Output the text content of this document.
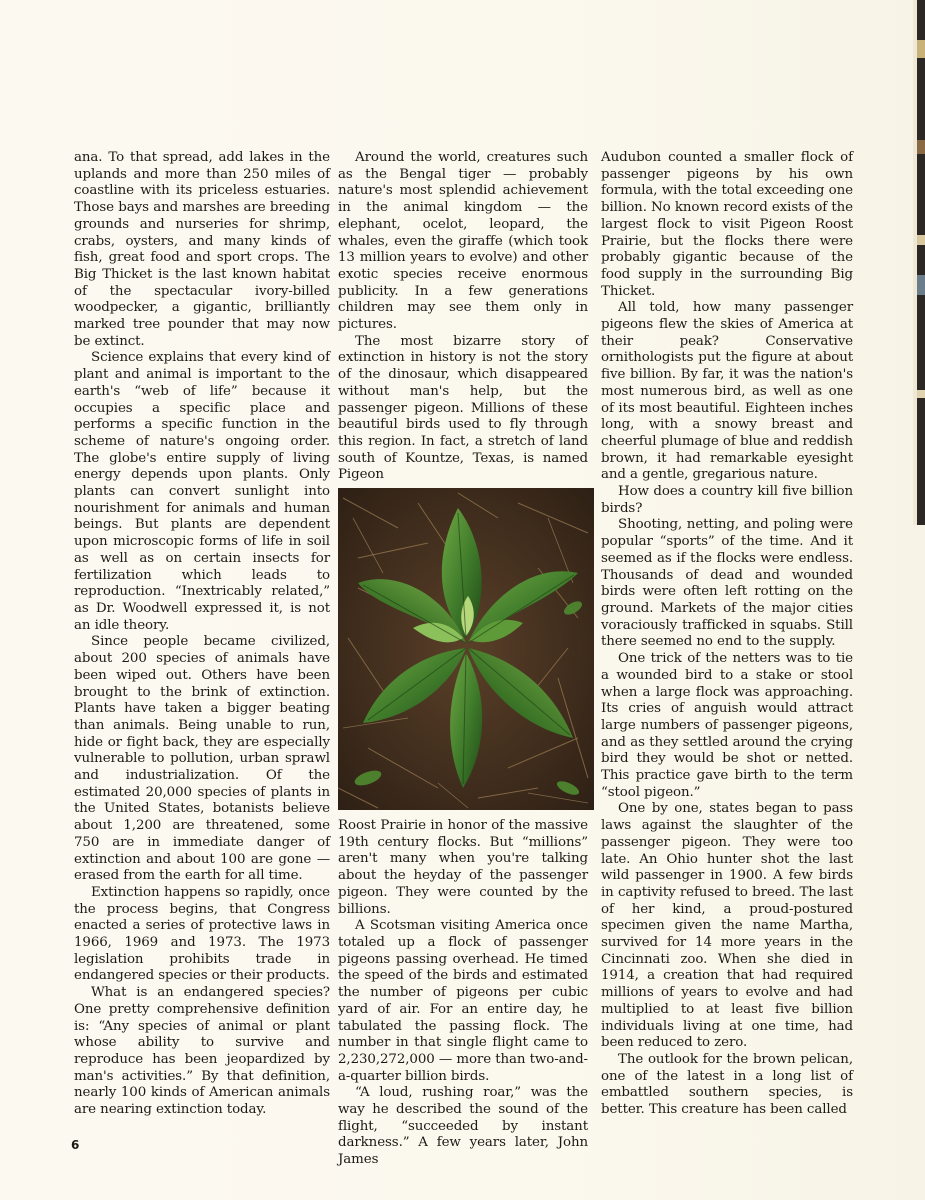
ana. To that spread, add lakes in the uplands and more than 250 miles of coastline with its priceless estuaries. Those bays and marshes are breeding grounds and nurseries for shrimp, crabs, oysters, and many kinds of fish, great food and sport crops. The Big Thicket is the last known habitat of the spectacular ivory-billed woodpecker, a gigantic, brilliantly marked tree pounder that may now be extinct.

Science explains that every kind of plant and animal is important to the earth's “web of life” because it occupies a specific place and performs a specific function in the scheme of nature's ongoing order. The globe's entire supply of living energy depends upon plants. Only plants can convert sunlight into nourishment for animals and human beings. But plants are dependent upon microscopic forms of life in soil as well as on certain insects for fertilization which leads to reproduction. “Inextricably related,” as Dr. Woodwell expressed it, is not an idle theory.

Since people became civilized, about 200 species of animals have been wiped out. Others have been brought to the brink of extinction. Plants have taken a bigger beating than animals. Being unable to run, hide or fight back, they are especially vulnerable to pollution, urban sprawl and industrialization. Of the estimated 20,000 species of plants in the United States, botanists believe about 1,200 are threatened, some 750 are in immediate danger of extinction and about 100 are gone — erased from the earth for all time.

Extinction happens so rapidly, once the process begins, that Congress enacted a series of protective laws in 1966, 1969 and 1973. The 1973 legislation prohibits trade in endangered species or their products.

What is an endangered species? One pretty comprehensive definition is: “Any species of animal or plant whose ability to survive and reproduce has been jeopardized by man's activities.” By that definition, nearly 100 kinds of American animals are nearing extinction today.

Around the world, creatures such as the Bengal tiger — probably nature's most splendid achievement in the animal kingdom — the elephant, ocelot, leopard, the whales, even the giraffe (which took 13 million years to evolve) and other exotic species receive enormous publicity. In a few generations children may see them only in pictures.

The most bizarre story of extinction in history is not the story of the dinosaur, which disappeared without man's help, but the passenger pigeon. Millions of these beautiful birds used to fly through this region. In fact, a stretch of land south of Kountze, Texas, is named Pigeon

Roost Prairie in honor of the massive 19th century flocks. But “millions” aren't many when you're talking about the heyday of the passenger pigeon. They were counted by the billions.

A Scotsman visiting America once totaled up a flock of passenger pigeons passing overhead. He timed the speed of the birds and estimated the number of pigeons per cubic yard of air. For an entire day, he tabulated the passing flock. The number in that single flight came to 2,230,272,000 — more than two-and-a-quarter billion birds.

“A loud, rushing roar,” was the way he described the sound of the flight, “succeeded by instant darkness.” A few years later, John James

Audubon counted a smaller flock of passenger pigeons by his own formula, with the total exceeding one billion. No known record exists of the largest flock to visit Pigeon Roost Prairie, but the flocks there were probably gigantic because of the food supply in the surrounding Big Thicket.

All told, how many passenger pigeons flew the skies of America at their peak? Conservative ornithologists put the figure at about five billion. By far, it was the nation's most numerous bird, as well as one of its most beautiful. Eighteen inches long, with a snowy breast and cheerful plumage of blue and reddish brown, it had remarkable eyesight and a gentle, gregarious nature.

How does a country kill five billion birds?

Shooting, netting, and poling were popular “sports” of the time. And it seemed as if the flocks were endless. Thousands of dead and wounded birds were often left rotting on the ground. Markets of the major cities voraciously trafficked in squabs. Still there seemed no end to the supply.

One trick of the netters was to tie a wounded bird to a stake or stool when a large flock was approaching. Its cries of anguish would attract large numbers of passenger pigeons, and as they settled around the crying bird they would be shot or netted. This practice gave birth to the term “stool pigeon.”

One by one, states began to pass laws against the slaughter of the passenger pigeon. They were too late. An Ohio hunter shot the last wild passenger in 1900. A few birds in captivity refused to breed. The last of her kind, a proud-postured specimen given the name Martha, survived for 14 more years in the Cincinnati zoo. When she died in 1914, a creation that had required millions of years to evolve and had multiplied to at least five billion individuals living at one time, had been reduced to zero.

The outlook for the brown pelican, one of the latest in a long list of embattled southern species, is better. This creature has been called

6
